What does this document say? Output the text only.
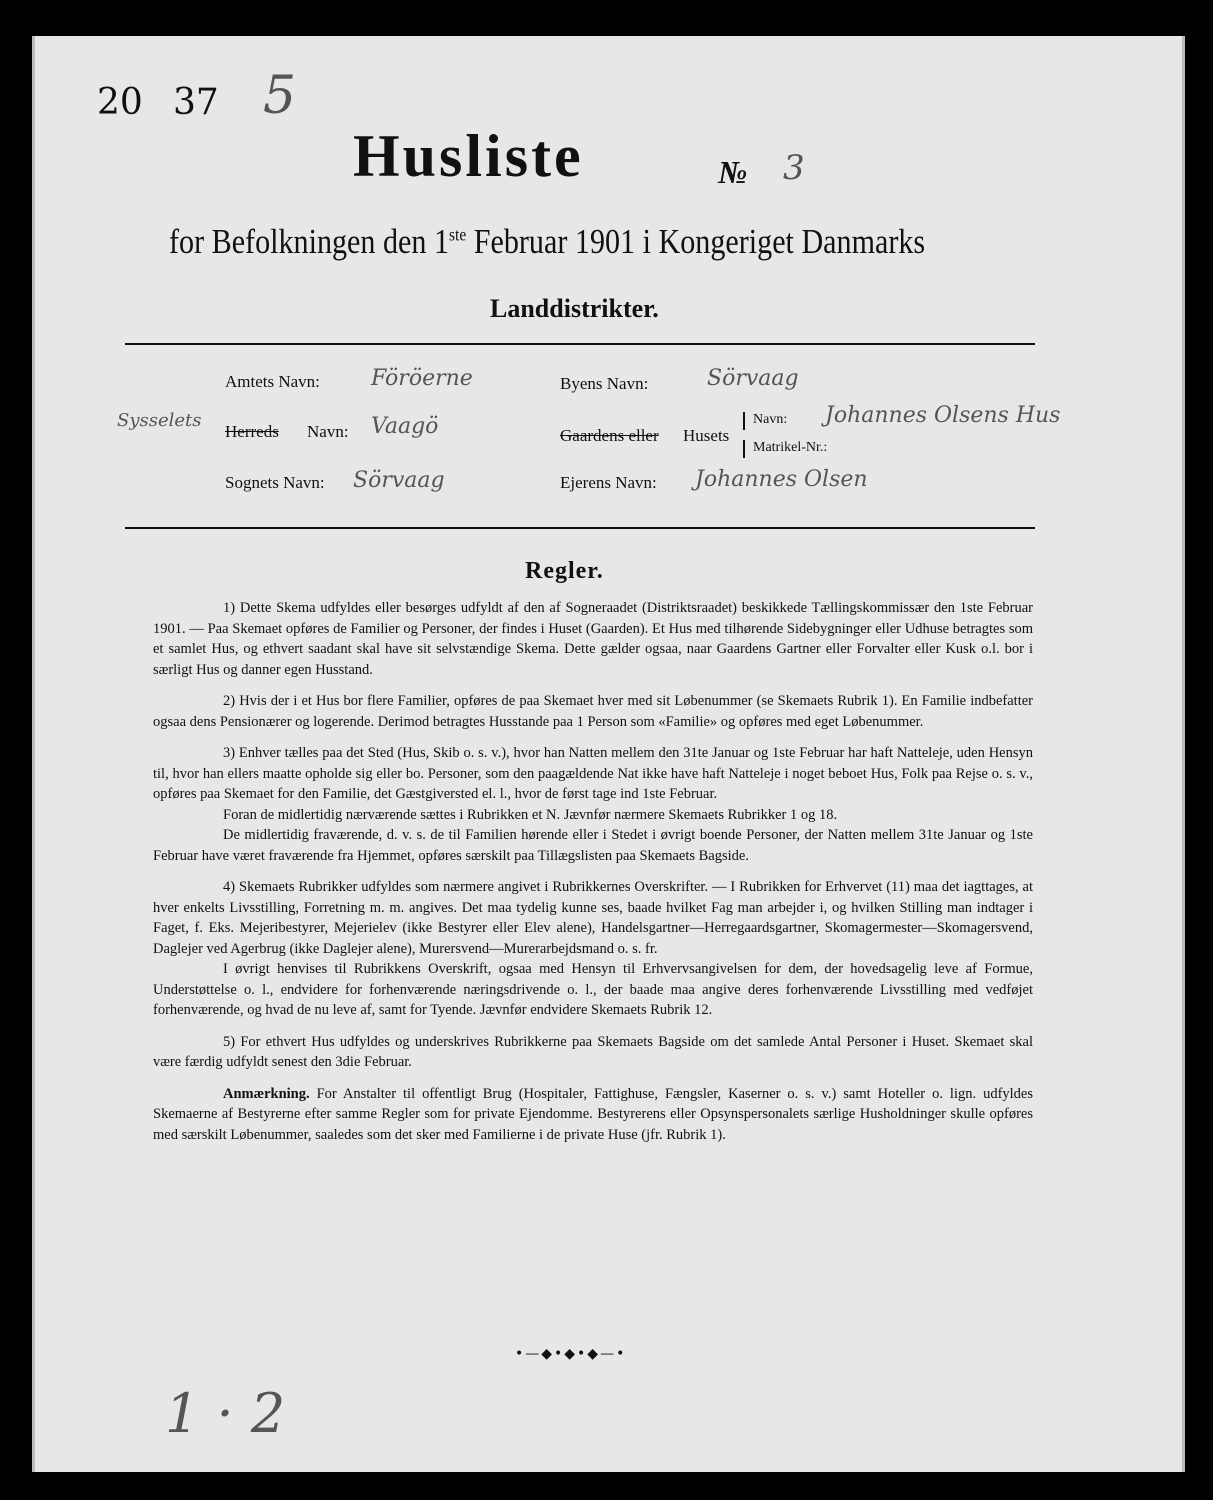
20 37 5
Husliste	№ 3
for Befolkningen den 1ste Februar 1901 i Kongeriget Danmarks
Landdistrikter.
Amtets Navn: Föröerne
Sysselets
Herreds Navn: Vaagö
Sognets Navn: Sörvaag
Byens Navn:	Sörvaag
Gaardens eller Husets
Navn: Johannes Olsens Hus
Matrikel-Nr.:
Ejerens Navn: Johannes Olsen
Regler.

1) Dette Skema udfyldes eller besørges udfyldt af den af Sogneraadet (Distriktsraadet) beskikkede Tællingskommissær den 1ste Februar 1901. — Paa Skemaet opføres de Familier og Personer, der findes i Huset (Gaarden). Et Hus med tilhørende Sidebygninger eller Udhuse betragtes som et samlet Hus, og ethvert saadant skal have sit selvstændige Skema. Dette gælder ogsaa, naar Gaardens Gartner eller Forvalter eller Kusk o.l. bor i særligt Hus og danner egen Husstand.

2) Hvis der i et Hus bor flere Familier, opføres de paa Skemaet hver med sit Løbenummer (se Skemaets Rubrik 1). En Familie indbefatter ogsaa dens Pensionærer og logerende. Derimod betragtes Husstande paa 1 Person som «Familie» og opføres med eget Løbenummer.

3) Enhver tælles paa det Sted (Hus, Skib o. s. v.), hvor han Natten mellem den 31te Januar og 1ste Februar har haft Natteleje, uden Hensyn til, hvor han ellers maatte opholde sig eller bo. Personer, som den paagældende Nat ikke have haft Natteleje i noget beboet Hus, Folk paa Rejse o. s. v., opføres paa Skemaet for den Familie, det Gæstgiversted el. l., hvor de først tage ind 1ste Februar.

Foran de midlertidig nærværende sættes i Rubrikken et N. Jævnfør nærmere Skemaets Rubrikker 1 og 18.

De midlertidig fraværende, d. v. s. de til Familien hørende eller i Stedet i øvrigt boende Personer, der Natten mellem 31te Januar og 1ste Februar have været fraværende fra Hjemmet, opføres særskilt paa Tillægslisten paa Skemaets Bagside.

4) Skemaets Rubrikker udfyldes som nærmere angivet i Rubrikkernes Overskrifter. — I Rubrikken for Erhvervet (11) maa det iagttages, at hver enkelts Livsstilling, Forretning m. m. angives. Det maa tydelig kunne ses, baade hvilket Fag man arbejder i, og hvilken Stilling man indtager i Faget, f. Eks. Mejeribestyrer, Mejerielev (ikke Bestyrer eller Elev alene), Handelsgartner—Herregaardsgartner, Skomagermester—Skomagersvend, Daglejer ved Agerbrug (ikke Daglejer alene), Murersvend—Murerarbejdsmand o. s. fr.

I øvrigt henvises til Rubrikkens Overskrift, ogsaa med Hensyn til Erhvervsangivelsen for dem, der hovedsagelig leve af Formue, Understøttelse o. l., endvidere for forhenværende næringsdrivende o. l., der baade maa angive deres forhenværende Livsstilling med vedføjet forhenværende, og hvad de nu leve af, samt for Tyende. Jævnfør endvidere Skemaets Rubrik 12.

5) For ethvert Hus udfyldes og underskrives Rubrikkerne paa Skemaets Bagside om det samlede Antal Personer i Huset. Skemaet skal være færdig udfyldt senest den 3die Februar.

Anmærkning. For Anstalter til offentligt Brug (Hospitaler, Fattighuse, Fængsler, Kaserner o. s. v.) samt Hoteller o. lign. udfyldes Skemaerne af Bestyrerne efter samme Regler som for private Ejendomme. Bestyrerens eller Opsynspersonalets særlige Husholdninger skulle opføres med særskilt Løbenummer, saaledes som det sker med Familierne i de private Huse (jfr. Rubrik 1).

•—◆•◆•◆—•
1 · 2
